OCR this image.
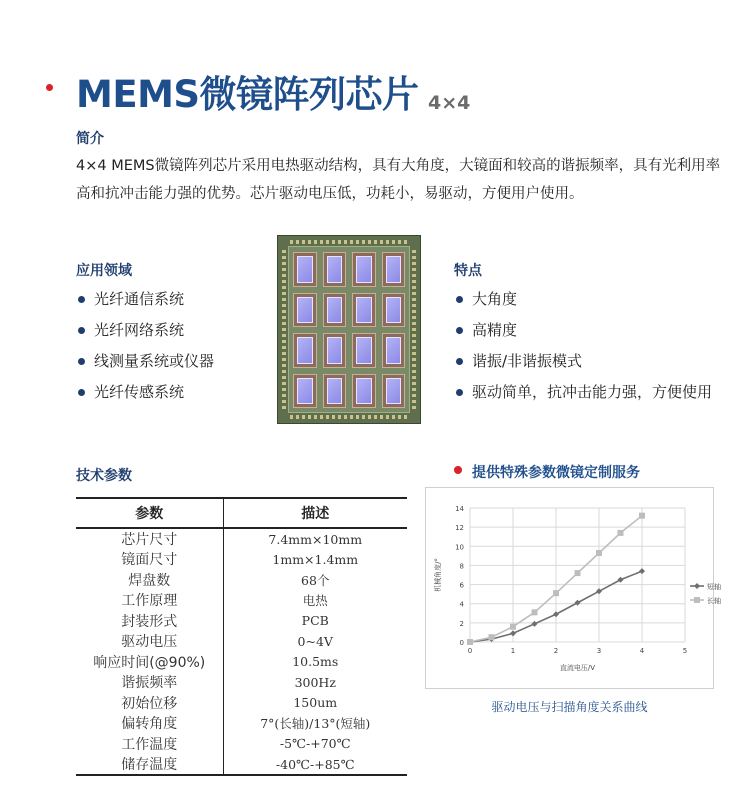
MEMS微镜阵列芯片 4×4
简介
4×4 MEMS微镜阵列芯片采用电热驱动结构，具有大角度，大镜面和较高的谐振频率，具有光利用率高和抗冲击能力强的优势。芯片驱动电压低，功耗小，易驱动，方便用户使用。
应用领域
光纤通信系统
光纤网络系统
线测量系统或仪器
光纤传感系统
特点
大角度
高精度
谐振/非谐振模式
驱动简单，抗冲击能力强，方便使用
技术参数
参数	描述
芯片尺寸	7.4mm×10mm
镜面尺寸	1mm×1.4mm
焊盘数	68个
工作原理	电热
封装形式	PCB
驱动电压	0~4V
响应时间(@90%)	10.5ms
谐振频率	300Hz
初始位移	150um
偏转角度	7°(长轴)/13°(短轴)
工作温度	-5℃-+70℃
储存温度	-40℃-+85℃
提供特殊参数微镜定制服务
0
2
4
6
8
10
12
14
0	1	2	3	4	5
直流电压/V
机械角度/°	短轴
长轴
驱动电压与扫描角度关系曲线
